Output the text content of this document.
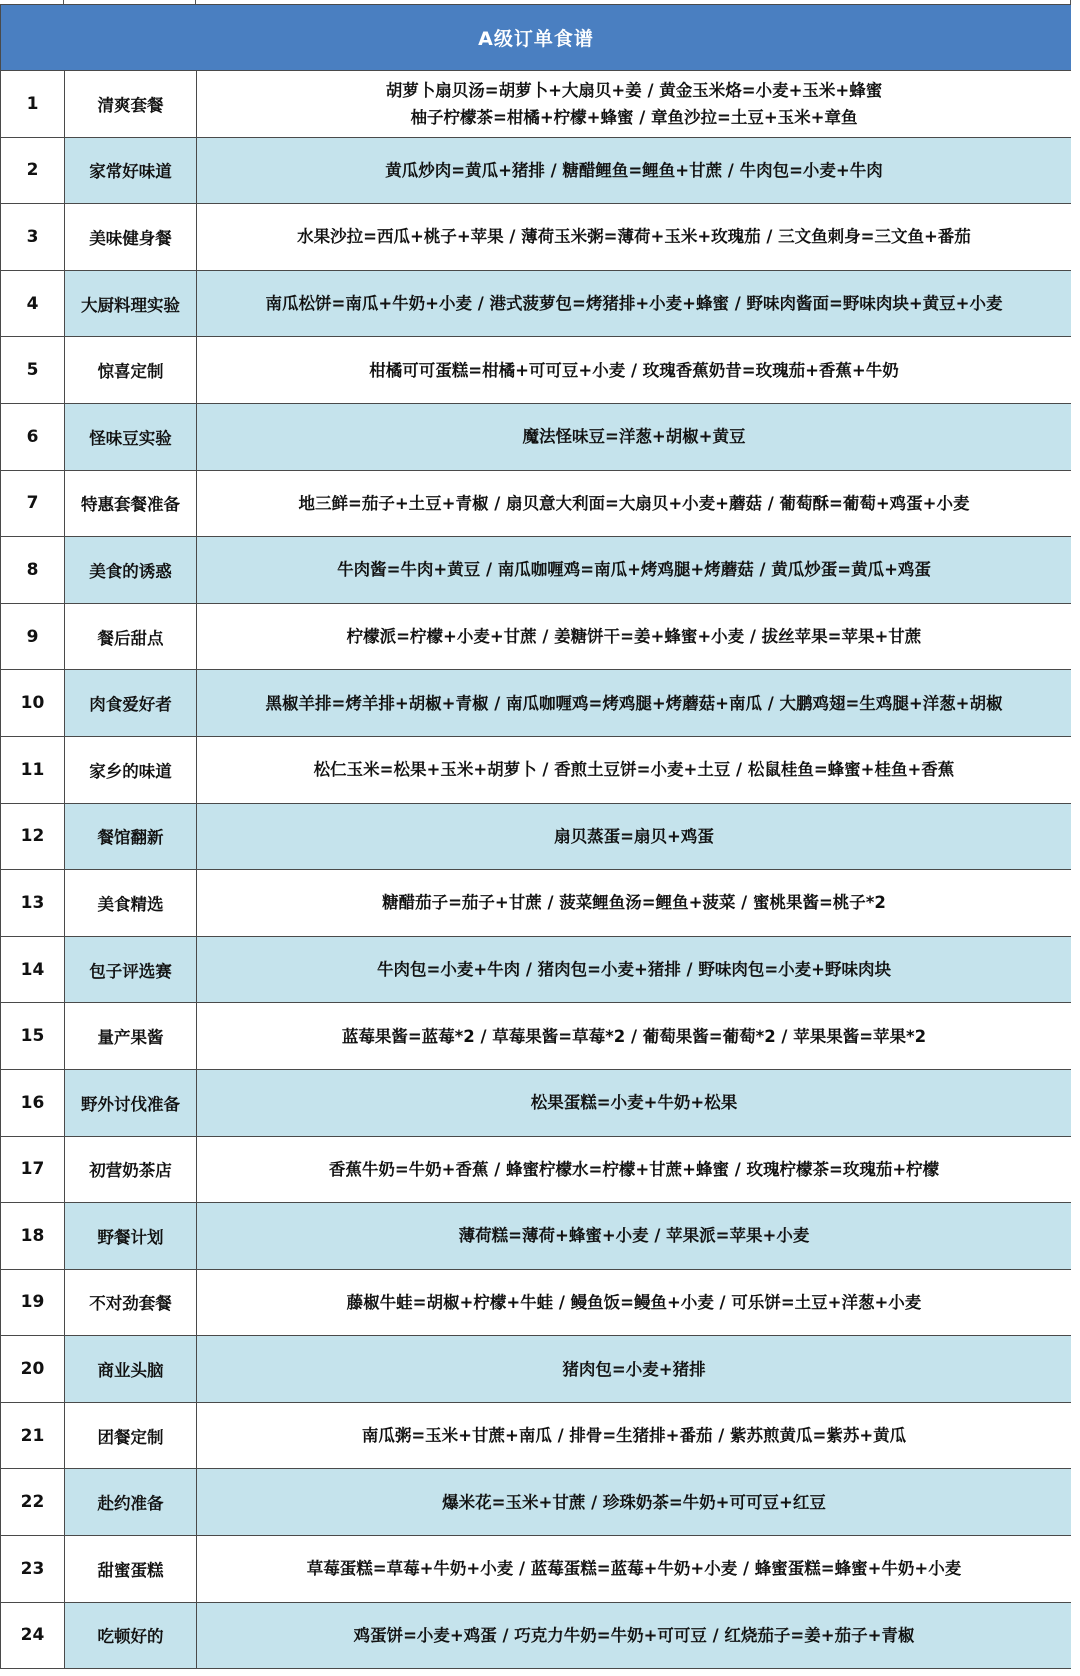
A级订单食谱		
1	清爽套餐	胡萝卜扇贝汤=胡萝卜+大扇贝+姜 / 黄金玉米烙=小麦+玉米+蜂蜜
柚子柠檬茶=柑橘+柠檬+蜂蜜 / 章鱼沙拉=土豆+玉米+章鱼

2	家常好味道	黄瓜炒肉=黄瓜+猪排 / 糖醋鲤鱼=鲤鱼+甘蔗 / 牛肉包=小麦+牛肉

3	美味健身餐	水果沙拉=西瓜+桃子+苹果 / 薄荷玉米粥=薄荷+玉米+玫瑰茄 / 三文鱼刺身=三文鱼+番茄

4	大厨料理实验	南瓜松饼=南瓜+牛奶+小麦 / 港式菠萝包=烤猪排+小麦+蜂蜜 / 野味肉酱面=野味肉块+黄豆+小麦

5	惊喜定制	柑橘可可蛋糕=柑橘+可可豆+小麦 / 玫瑰香蕉奶昔=玫瑰茄+香蕉+牛奶

6	怪味豆实验	魔法怪味豆=洋葱+胡椒+黄豆

7	特惠套餐准备	地三鲜=茄子+土豆+青椒 / 扇贝意大利面=大扇贝+小麦+蘑菇 / 葡萄酥=葡萄+鸡蛋+小麦

8	美食的诱惑	牛肉酱=牛肉+黄豆 / 南瓜咖喱鸡=南瓜+烤鸡腿+烤蘑菇 / 黄瓜炒蛋=黄瓜+鸡蛋

9	餐后甜点	柠檬派=柠檬+小麦+甘蔗 / 姜糖饼干=姜+蜂蜜+小麦 / 拔丝苹果=苹果+甘蔗

10	肉食爱好者	黑椒羊排=烤羊排+胡椒+青椒 / 南瓜咖喱鸡=烤鸡腿+烤蘑菇+南瓜 / 大鹏鸡翅=生鸡腿+洋葱+胡椒

11	家乡的味道	松仁玉米=松果+玉米+胡萝卜 / 香煎土豆饼=小麦+土豆 / 松鼠桂鱼=蜂蜜+桂鱼+香蕉

12	餐馆翻新	扇贝蒸蛋=扇贝+鸡蛋

13	美食精选	糖醋茄子=茄子+甘蔗 / 菠菜鲤鱼汤=鲤鱼+菠菜 / 蜜桃果酱=桃子*2

14	包子评选赛	牛肉包=小麦+牛肉 / 猪肉包=小麦+猪排 / 野味肉包=小麦+野味肉块

15	量产果酱	蓝莓果酱=蓝莓*2 / 草莓果酱=草莓*2 / 葡萄果酱=葡萄*2 / 苹果果酱=苹果*2

16	野外讨伐准备	松果蛋糕=小麦+牛奶+松果

17	初营奶茶店	香蕉牛奶=牛奶+香蕉 / 蜂蜜柠檬水=柠檬+甘蔗+蜂蜜 / 玫瑰柠檬茶=玫瑰茄+柠檬

18	野餐计划	薄荷糕=薄荷+蜂蜜+小麦 / 苹果派=苹果+小麦

19	不对劲套餐	藤椒牛蛙=胡椒+柠檬+牛蛙 / 鳗鱼饭=鳗鱼+小麦 / 可乐饼=土豆+洋葱+小麦

20	商业头脑	猪肉包=小麦+猪排

21	团餐定制	南瓜粥=玉米+甘蔗+南瓜 / 排骨=生猪排+番茄 / 紫苏煎黄瓜=紫苏+黄瓜

22	赴约准备	爆米花=玉米+甘蔗 / 珍珠奶茶=牛奶+可可豆+红豆

23	甜蜜蛋糕	草莓蛋糕=草莓+牛奶+小麦 / 蓝莓蛋糕=蓝莓+牛奶+小麦 / 蜂蜜蛋糕=蜂蜜+牛奶+小麦

24	吃顿好的	鸡蛋饼=小麦+鸡蛋 / 巧克力牛奶=牛奶+可可豆 / 红烧茄子=姜+茄子+青椒
